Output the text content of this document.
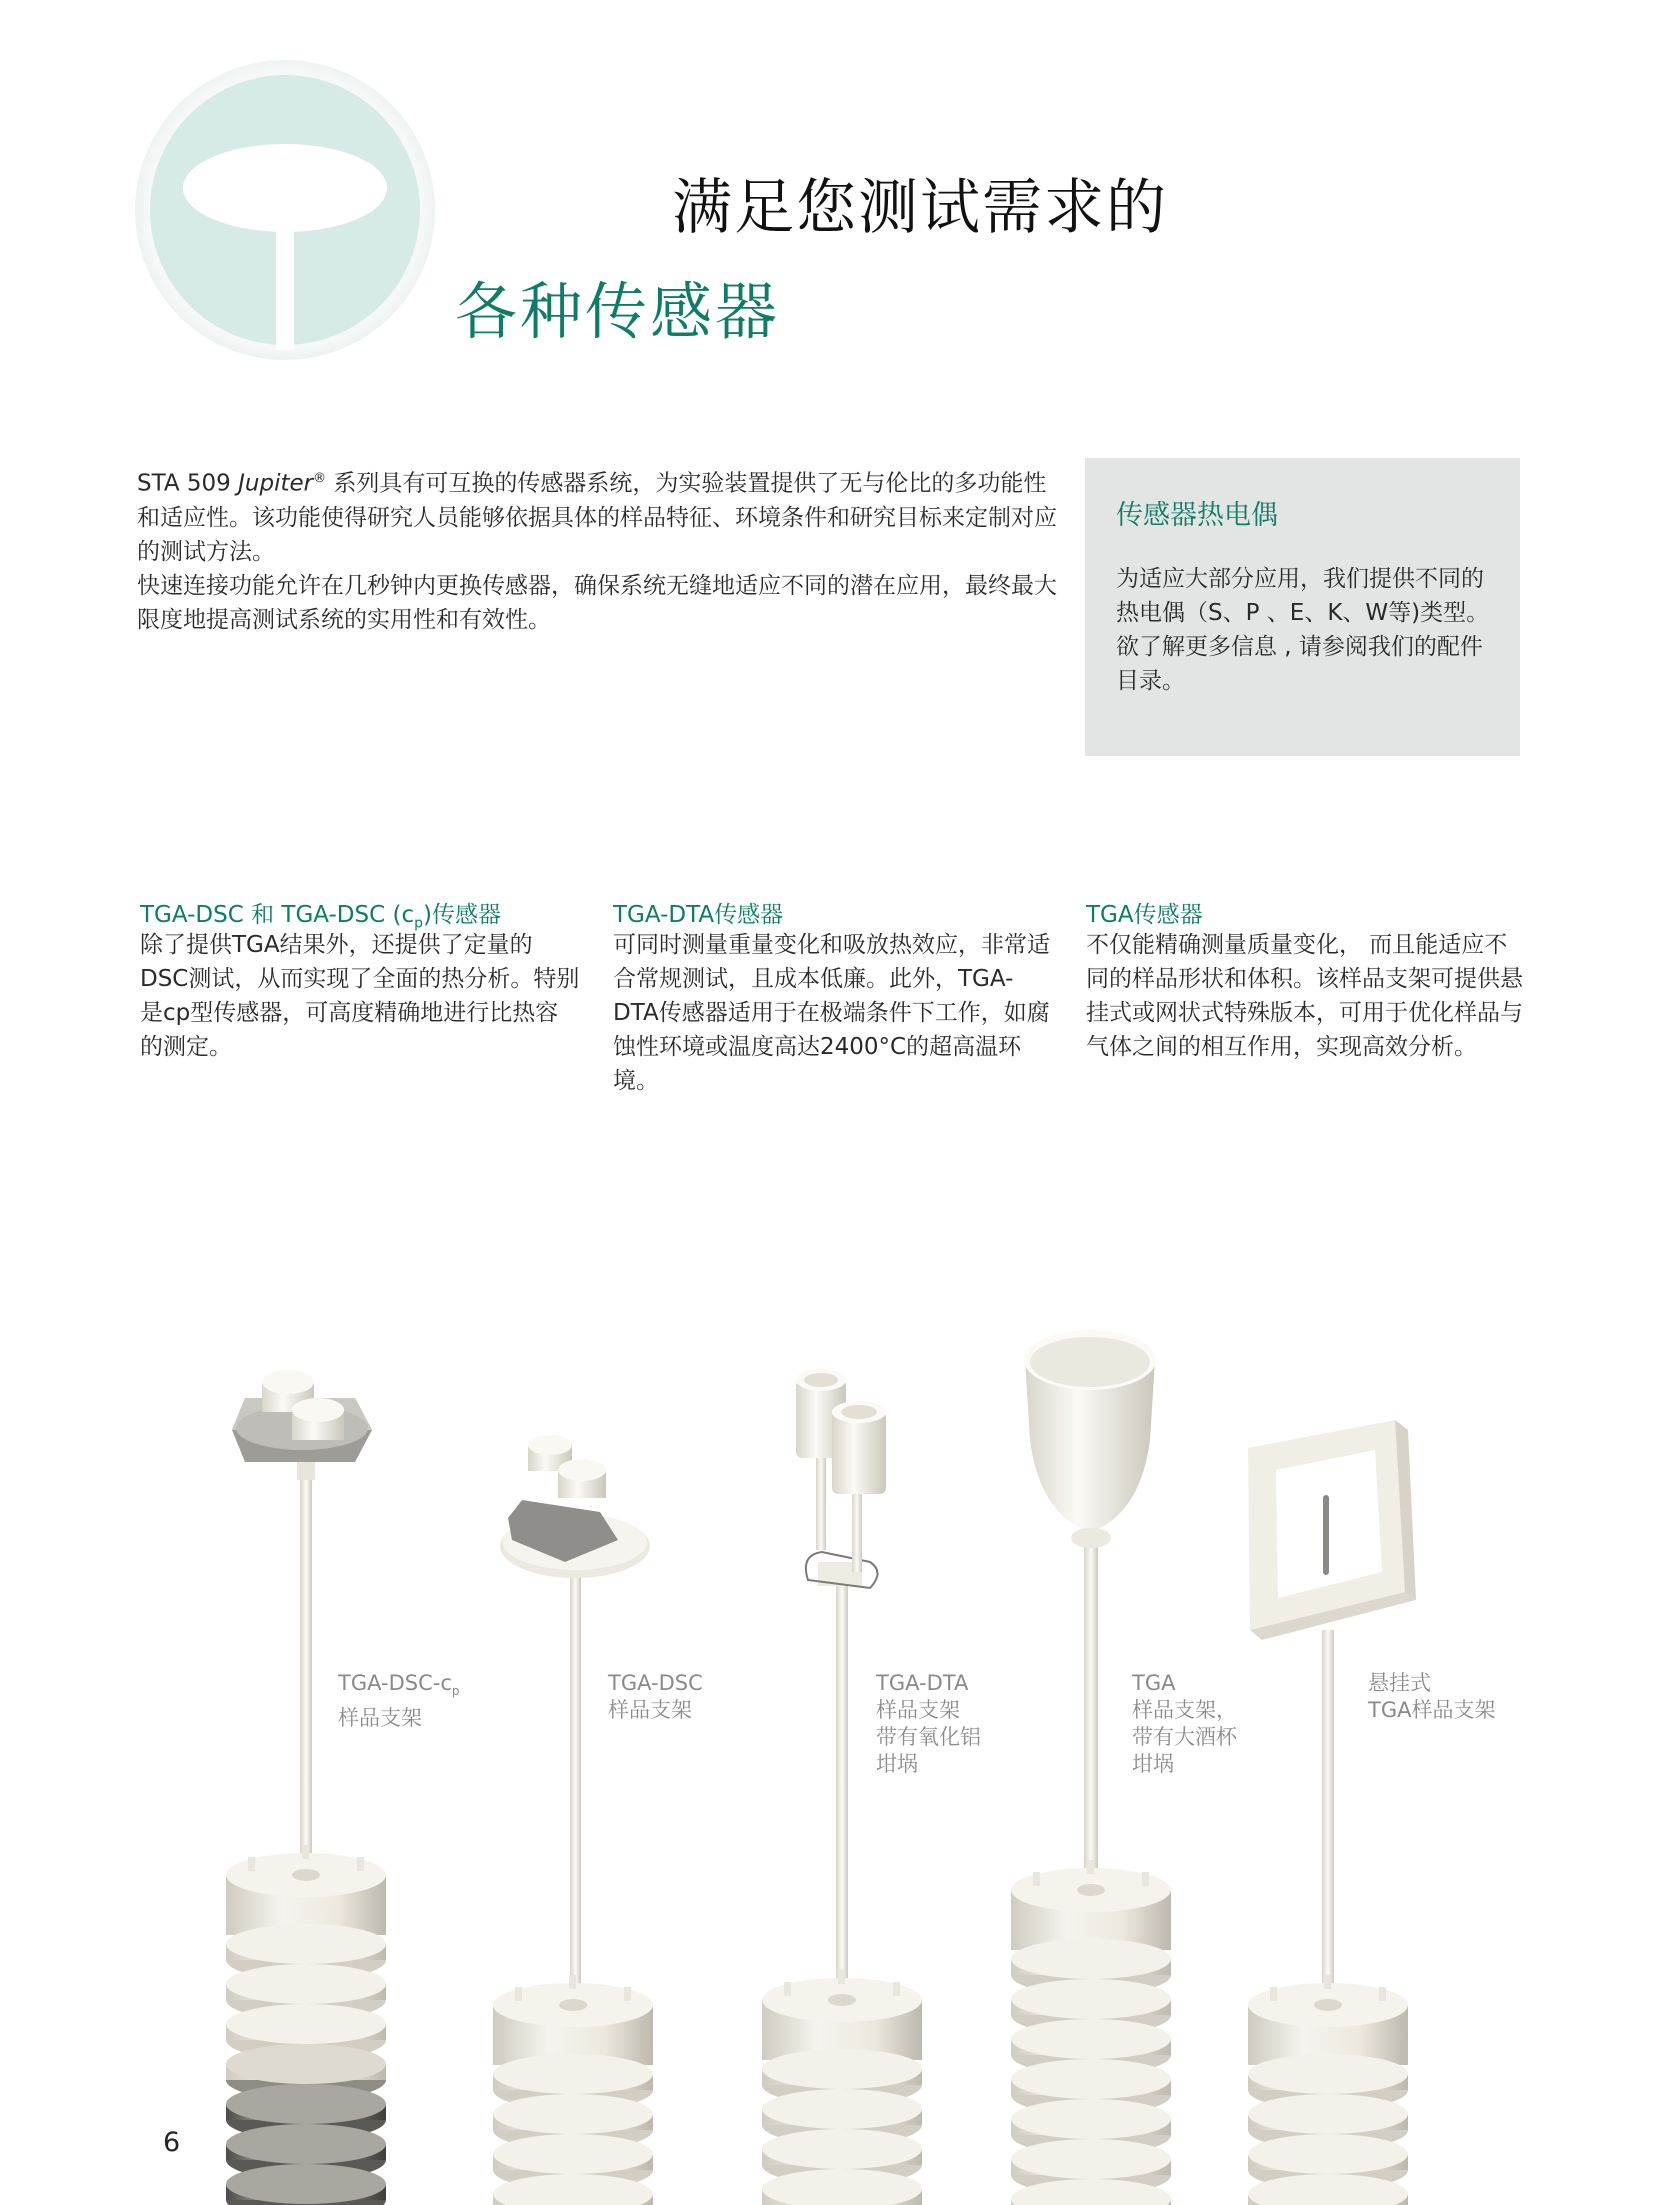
满足您测试需求的
各种传感器

STA 509 Jupiter® 系列具有可互换的传感器系统，为实验装置提供了无与伦比的多功能性和适应性。该功能使得研究人员能够依据具体的样品特征、环境条件和研究目标来定制对应的测试方法。

快速连接功能允许在几秒钟内更换传感器，确保系统无缝地适应不同的潜在应用，最终最大限度地提高测试系统的实用性和有效性。

传感器热电偶
为适应大部分应用，我们提供不同的热电偶（S、P 、E、K、W等)类型。欲了解更多信息 , 请参阅我们的配件目录。
TGA-DSC 和 TGA-DSC $(c_p)$传感器
除了提供TGA结果外，还提供了定量的DSC测试，从而实现了全面的热分析。特别是cp型传感器，可高度精确地进行比热容的测定。
TGA-DTA传感器
可同时测量重量变化和吸放热效应，非常适合常规测试，且成本低廉。此外，TGA-DTA传感器适用于在极端条件下工作，如腐蚀性环境或温度高达2400°C的超高温环境。
TGA传感器
不仅能精确测量质量变化， 而且能适应不同的样品形状和体积。该样品支架可提供悬挂式或网状式特殊版本，可用于优化样品与气体之间的相互作用，实现高效分析。
TGA-$DSC-c_p$
样品支架
TGA-DSC
样品支架
TGA-DTA
样品支架
带有氧化铝
坩埚
TGA
样品支架，
带有大酒杯
坩埚
悬挂式
TGA样品支架
6
